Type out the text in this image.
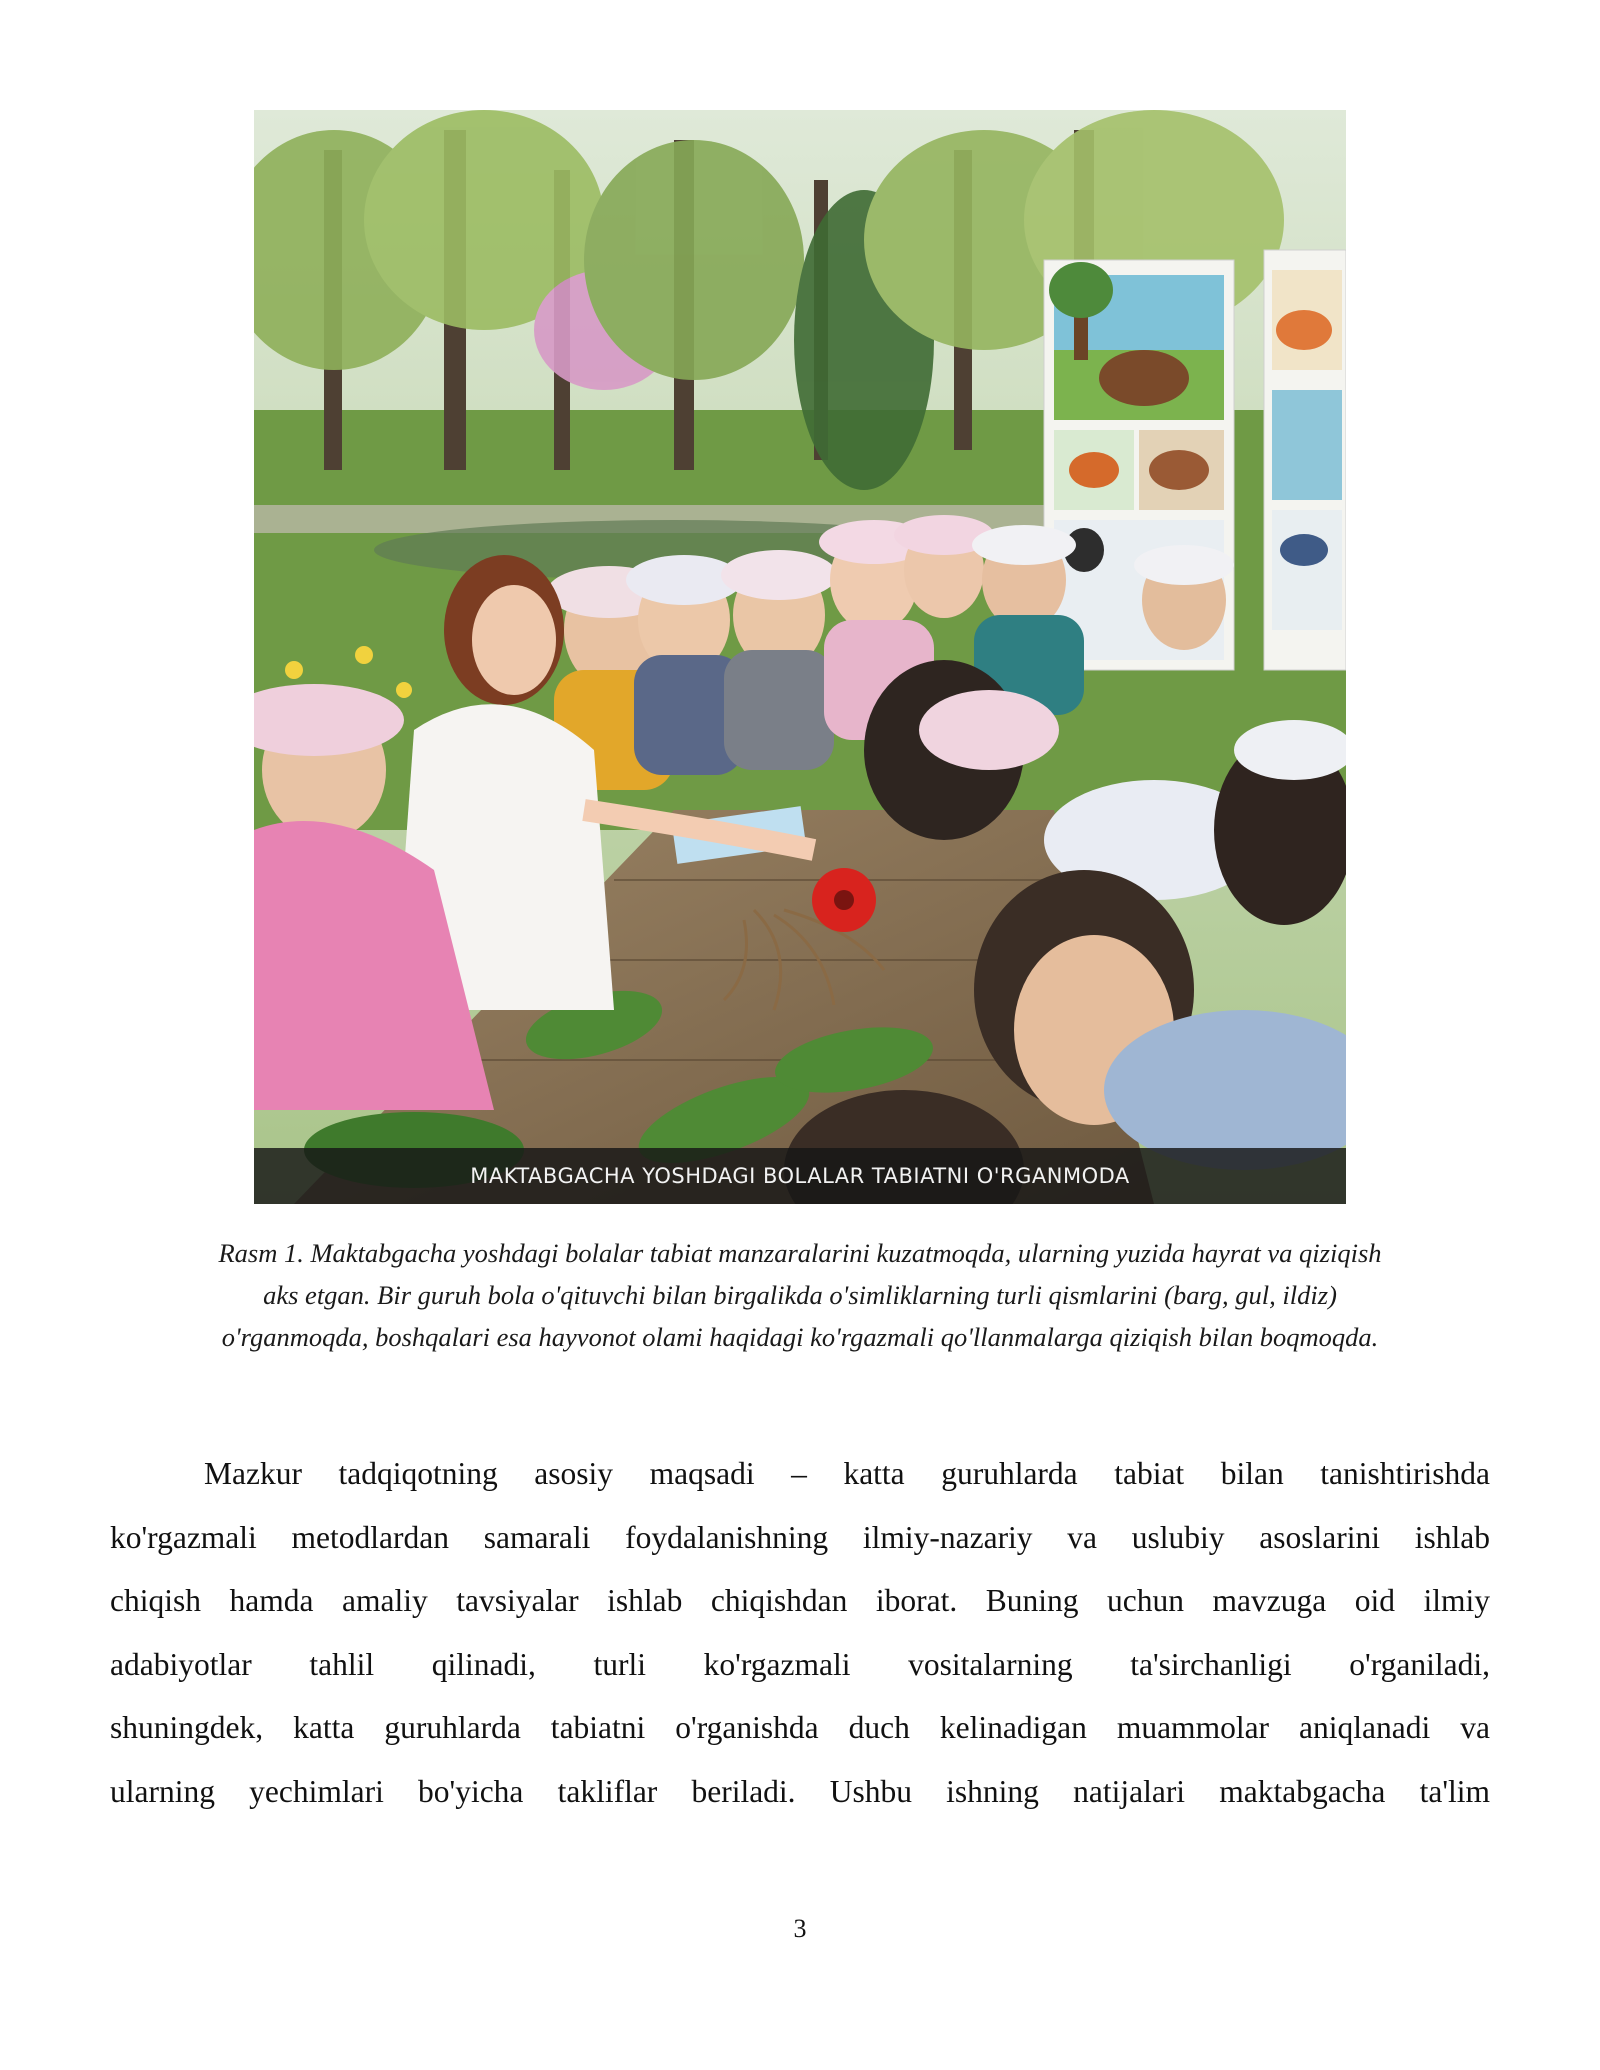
MAKTABGACHA YOSHDAGI BOLALAR TABIATNI O'RGANMODA
Rasm 1. Maktabgacha yoshdagi bolalar tabiat manzaralarini kuzatmoqda, ularning yuzida hayrat va qiziqish
aks etgan. Bir guruh bola o'qituvchi bilan birgalikda o'simliklarning turli qismlarini (barg, gul, ildiz)
o'rganmoqda, boshqalari esa hayvonot olami haqidagi ko'rgazmali qo'llanmalarga qiziqish bilan boqmoqda.
Mazkur tadqiqotning asosiy maqsadi – katta guruhlarda tabiat bilan tanishtirishda
ko'rgazmali metodlardan samarali foydalanishning ilmiy-nazariy va uslubiy asoslarini ishlab
chiqish hamda amaliy tavsiyalar ishlab chiqishdan iborat. Buning uchun mavzuga oid ilmiy
adabiyotlar tahlil qilinadi, turli ko'rgazmali vositalarning ta'sirchanligi o'rganiladi,
shuningdek, katta guruhlarda tabiatni o'rganishda duch kelinadigan muammolar aniqlanadi va
ularning yechimlari bo'yicha takliflar beriladi. Ushbu ishning natijalari maktabgacha ta'lim
3
